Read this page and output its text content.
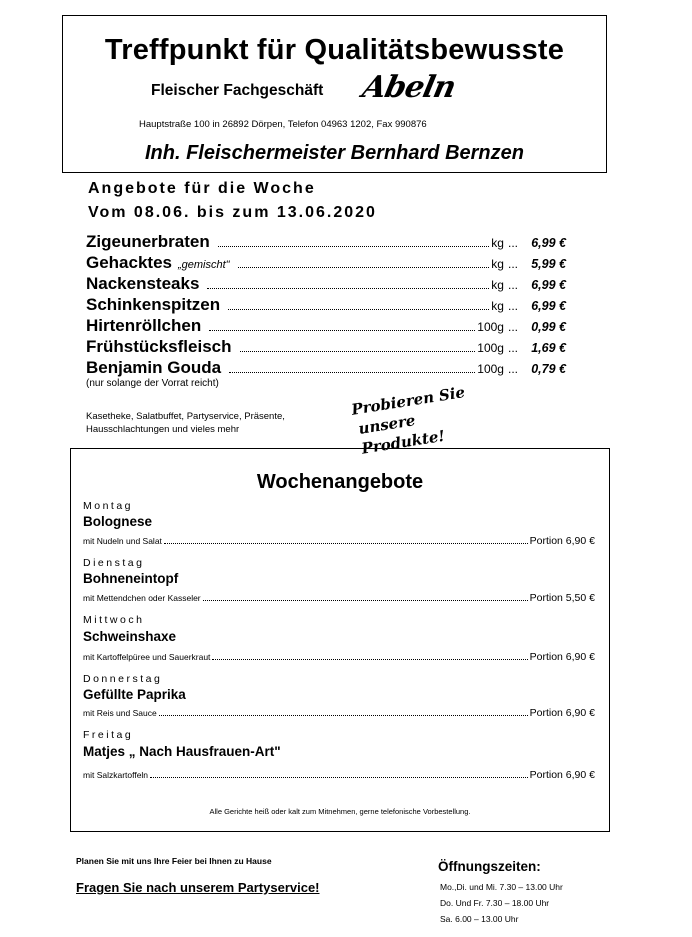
Treffpunkt für Qualitätsbewusste
Fleischer Fachgeschäft Abeln
Hauptstraße 100 in 26892 Dörpen, Telefon 04963 1202, Fax 990876
Inh. Fleischermeister Bernhard Bernzen
Angebote für die Woche
Vom 08.06. bis zum 13.06.2020
Zigeunerbraten	kg ...	6,99 €
Gehacktes „gemischt"	kg ...	5,99 €
Nackensteaks	kg ...	6,99 €
Schinkenspitzen	kg ...	6,99 €
Hirtenröllchen	100g ...	0,99 €
Frühstücksfleisch	100g ...	1,69 €
Benjamin Gouda	100g ...	0,79 €
(nur solange der Vorrat reicht)
Kasetheke, Salatbuffet, Partyservice, Präsente,
Hausschlachtungen und vieles mehr
Probieren Sie
unsere Produkte!
Wochenangebote
Montag
Bolognese
mit Nudeln und Salat	Portion 6,90 €
Dienstag
Bohneneintopf
mit Mettendchen oder Kasseler	Portion 5,50 €
Mittwoch
Schweinshaxe
mit Kartoffelpüree und Sauerkraut	Portion 6,90 €
Donnerstag
Gefüllte Paprika
mit Reis und Sauce	Portion 6,90 €
Freitag
Matjes „ Nach Hausfrauen-Art"
mit Salzkartoffeln	Portion 6,90 €
Alle Gerichte heiß oder kalt zum Mitnehmen, gerne telefonische Vorbestellung.
Planen Sie mit uns Ihre Feier bei Ihnen zu Hause
Fragen Sie nach unserem Partyservice!
Öffnungszeiten:
Mo.,Di. und Mi. 7.30 – 13.00 Uhr
Do. Und Fr. 7.30 – 18.00 Uhr
Sa. 6.00 – 13.00 Uhr
